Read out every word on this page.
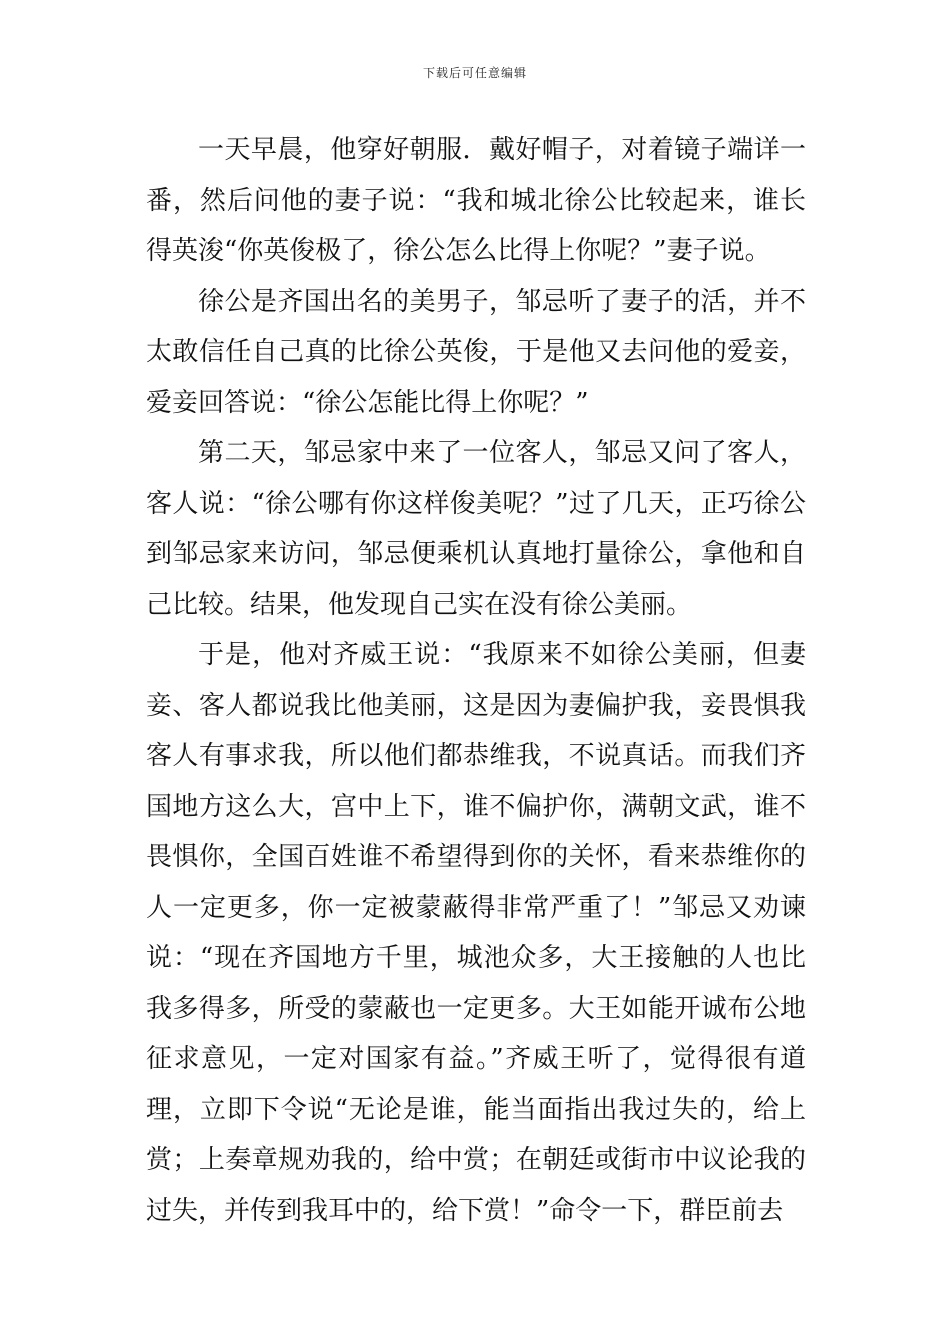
下载后可任意编辑

一天早晨，他穿好朝服．戴好帽子，对着镜子端详一番，然后问他的妻子说：“我和城北徐公比较起来，谁长得英浚“你英俊极了，徐公怎么比得上你呢？”妻子说。

徐公是齐国出名的美男子，邹忌听了妻子的活，并不太敢信任自己真的比徐公英俊，于是他又去问他的爱妾，爱妾回答说：“徐公怎能比得上你呢？”

第二天，邹忌家中来了一位客人，邹忌又问了客人，客人说：“徐公哪有你这样俊美呢？”过了几天，正巧徐公到邹忌家来访问，邹忌便乘机认真地打量徐公，拿他和自己比较。结果，他发现自己实在没有徐公美丽。

于是，他对齐威王说：“我原来不如徐公美丽，但妻妾、客人都说我比他美丽，这是因为妻偏护我，妾畏惧我客人有事求我，所以他们都恭维我，不说真话。而我们齐国地方这么大，宫中上下，谁不偏护你，满朝文武，谁不畏惧你，全国百姓谁不希望得到你的关怀，看来恭维你的人一定更多，你一定被蒙蔽得非常严重了！”邹忌又劝谏说：“现在齐国地方千里，城池众多，大王接触的人也比我多得多，所受的蒙蔽也一定更多。大王如能开诚布公地征求意见，一定对国家有益。”齐威王听了，觉得很有道理，立即下令说“无论是谁，能当面指出我过失的，给上赏；上奏章规劝我的，给中赏；在朝廷或街市中议论我的过失，并传到我耳中的，给下赏！”命令一下，群臣前去
